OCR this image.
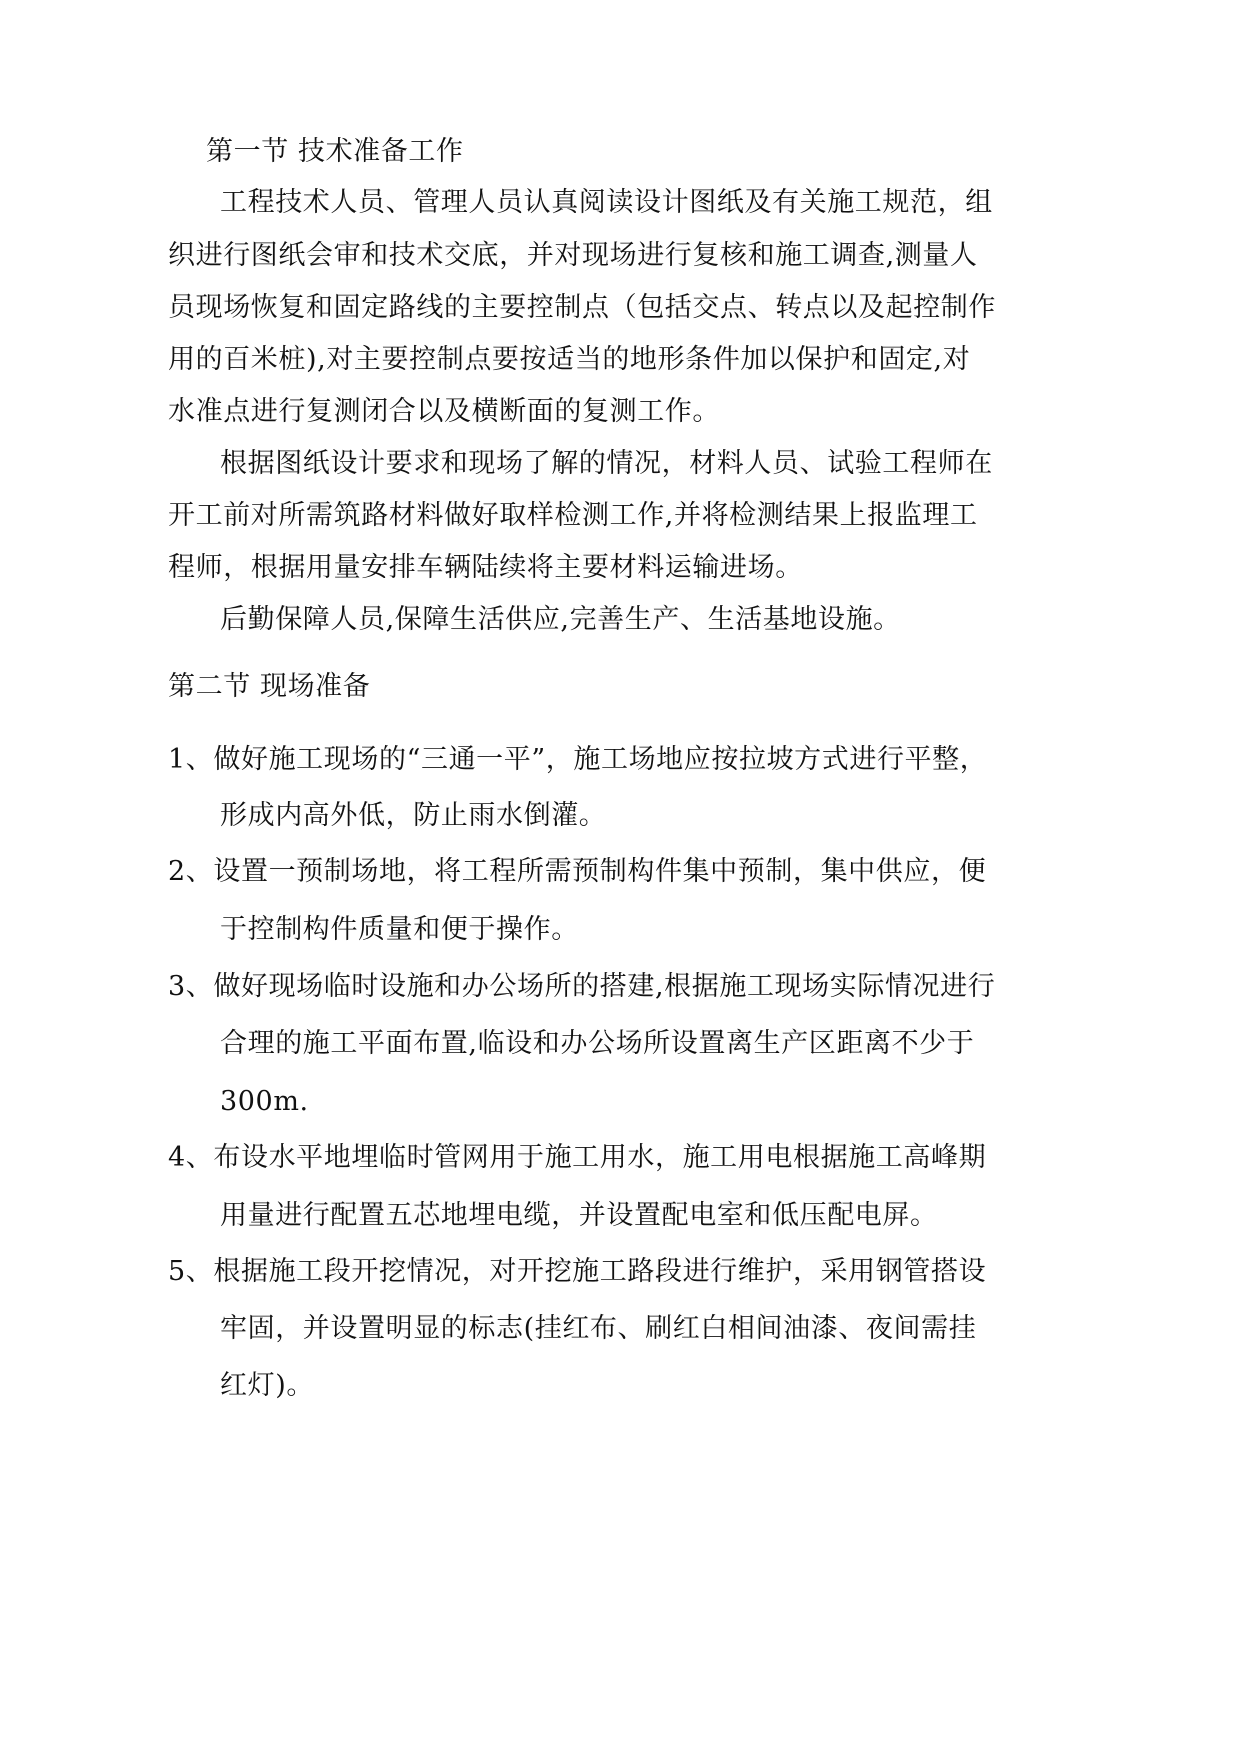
第一节 技术准备工作
工程技术人员、管理人员认真阅读设计图纸及有关施工规范，组
织进行图纸会审和技术交底，并对现场进行复核和施工调查,测量人
员现场恢复和固定路线的主要控制点（包括交点、转点以及起控制作
用的百米桩),对主要控制点要按适当的地形条件加以保护和固定,对
水准点进行复测闭合以及横断面的复测工作。
根据图纸设计要求和现场了解的情况，材料人员、试验工程师在
开工前对所需筑路材料做好取样检测工作,并将检测结果上报监理工
程师，根据用量安排车辆陆续将主要材料运输进场。
后勤保障人员,保障生活供应,完善生产、生活基地设施。
第二节 现场准备
1、做好施工现场的“三通一平”，施工场地应按拉坡方式进行平整，
形成内高外低，防止雨水倒灌。
2、设置一预制场地，将工程所需预制构件集中预制，集中供应，便
于控制构件质量和便于操作。
3、做好现场临时设施和办公场所的搭建,根据施工现场实际情况进行
合理的施工平面布置,临设和办公场所设置离生产区距离不少于
300m.
4、布设水平地埋临时管网用于施工用水，施工用电根据施工高峰期
用量进行配置五芯地埋电缆，并设置配电室和低压配电屏。
5、根据施工段开挖情况，对开挖施工路段进行维护，采用钢管搭设
牢固，并设置明显的标志(挂红布、刷红白相间油漆、夜间需挂
红灯)。
